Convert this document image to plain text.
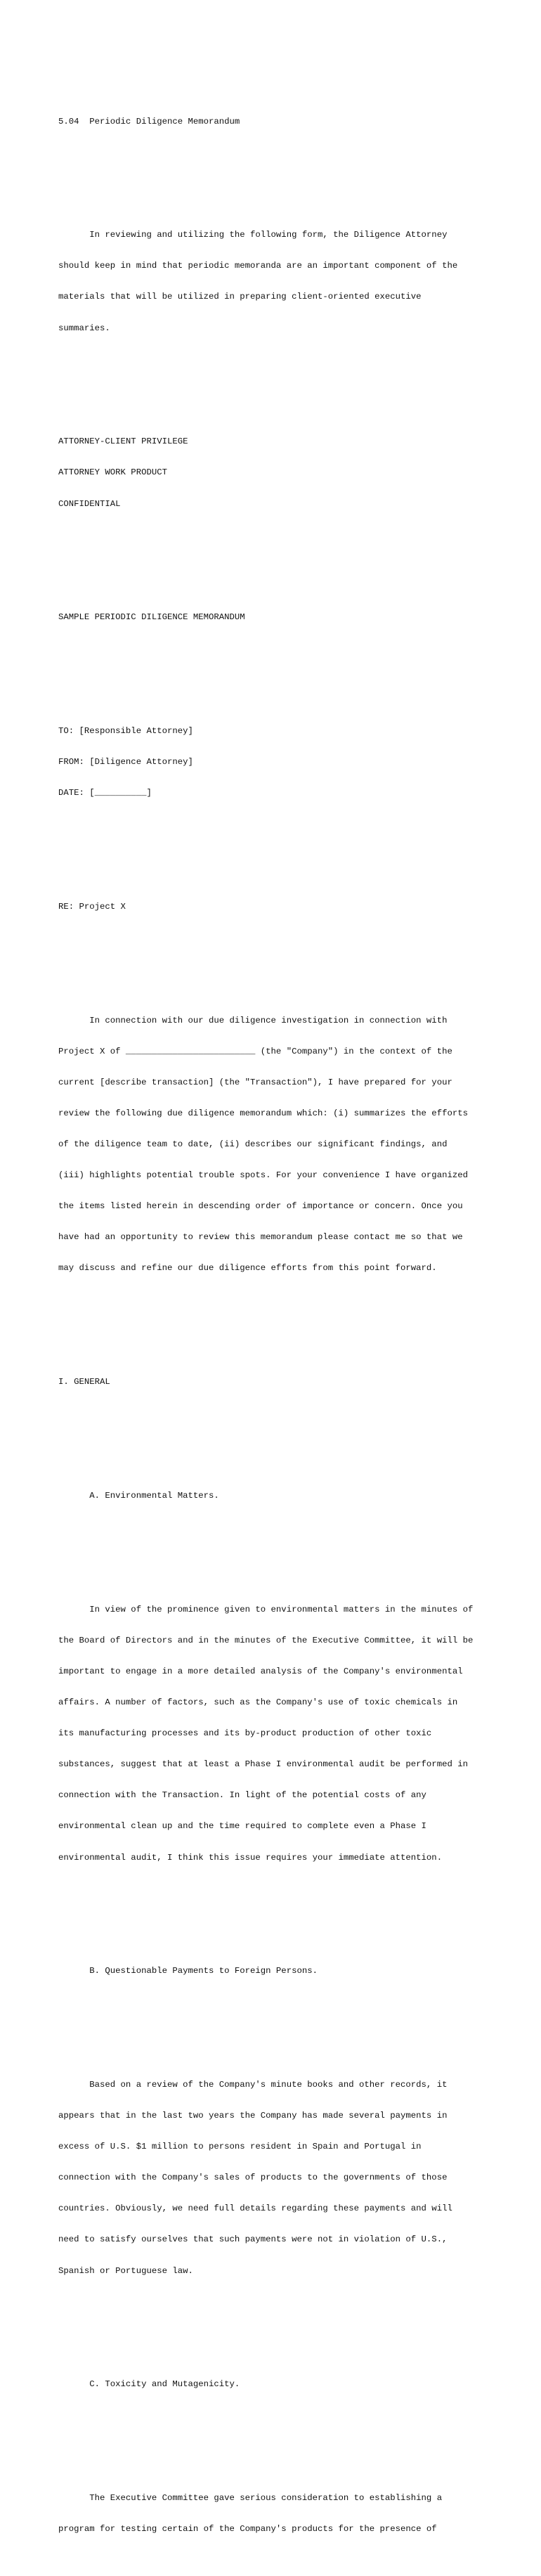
5.04  Periodic Diligence Memorandum

In reviewing and utilizing the following form, the Diligence Attorney

should keep in mind that periodic memoranda are an important component of the

materials that will be utilized in preparing client-oriented executive

summaries.

ATTORNEY-CLIENT PRIVILEGE

ATTORNEY WORK PRODUCT

CONFIDENTIAL

SAMPLE PERIODIC DILIGENCE MEMORANDUM

TO: [Responsible Attorney]

FROM: [Diligence Attorney]

DATE: [__________]

RE: Project X

In connection with our due diligence investigation in connection with

Project X of _________________________ (the "Company") in the context of the

current [describe transaction] (the "Transaction"), I have prepared for your

review the following due diligence memorandum which: (i) summarizes the efforts

of the diligence team to date, (ii) describes our significant findings, and

(iii) highlights potential trouble spots. For your convenience I have organized

the items listed herein in descending order of importance or concern. Once you

have had an opportunity to review this memorandum please contact me so that we

may discuss and refine our due diligence efforts from this point forward.

I. GENERAL

A. Environmental Matters.

In view of the prominence given to environmental matters in the minutes of

the Board of Directors and in the minutes of the Executive Committee, it will be

important to engage in a more detailed analysis of the Company's environmental

affairs. A number of factors, such as the Company's use of toxic chemicals in

its manufacturing processes and its by-product production of other toxic

substances, suggest that at least a Phase I environmental audit be performed in

connection with the Transaction. In light of the potential costs of any

environmental clean up and the time required to complete even a Phase I

environmental audit, I think this issue requires your immediate attention.

B. Questionable Payments to Foreign Persons.

Based on a review of the Company's minute books and other records, it

appears that in the last two years the Company has made several payments in

excess of U.S. $1 million to persons resident in Spain and Portugal in

connection with the Company's sales of products to the governments of those

countries. Obviously, we need full details regarding these payments and will

need to satisfy ourselves that such payments were not in violation of U.S.,

Spanish or Portuguese law.

C. Toxicity and Mutagenicity.

The Executive Committee gave serious consideration to establishing a

program for testing certain of the Company's products for the presence of
